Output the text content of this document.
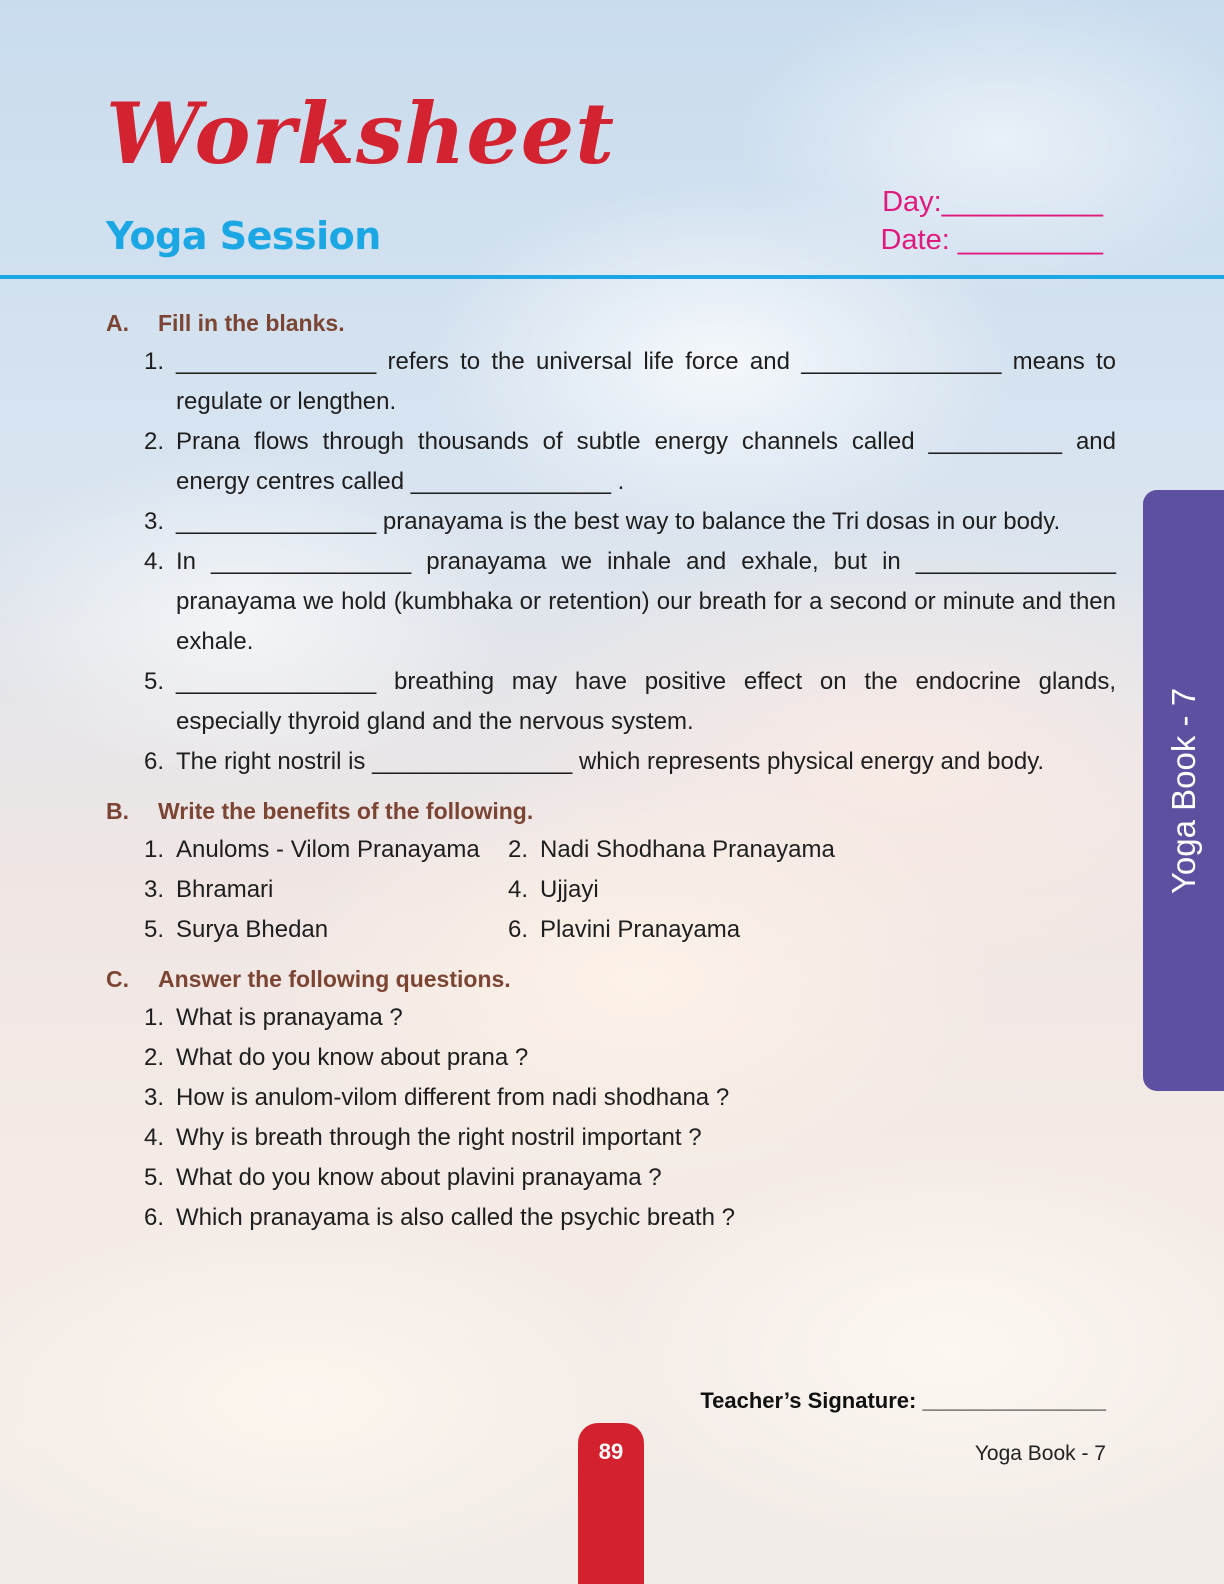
Worksheet
Yoga Session
Day:__________
Date: _________
A.	Fill in the blanks.
1. _______________ refers to the universal life force and _______________ means to regulate or lengthen.
2. Prana flows through thousands of subtle energy channels called __________ and energy centres called _______________ .
3. _______________ pranayama is the best way to balance the Tri dosas in our body.
4. In _______________ pranayama we inhale and exhale, but in _______________ pranayama we hold (kumbhaka or retention) our breath for a second or minute and then exhale.
5. _______________ breathing may have positive effect on the endocrine glands, especially thyroid gland and the nervous system.
6. The right nostril is _______________ which represents physical energy and body.
B.	Write the benefits of the following.
1. Anuloms - Vilom Pranayama	2. Nadi Shodhana Pranayama
3. Bhramari	4. Ujjayi
5. Surya Bhedan	6. Plavini Pranayama
C.	Answer the following questions.
1. What is pranayama ?
2. What do you know about prana ?
3. How is anulom-vilom different from nadi shodhana ?
4. Why is breath through the right nostril important ?
5. What do you know about plavini pranayama ?
6. Which pranayama is also called the psychic breath ?
Teacher’s Signature: _______________
Yoga Book - 7
89
Yoga Book - 7
